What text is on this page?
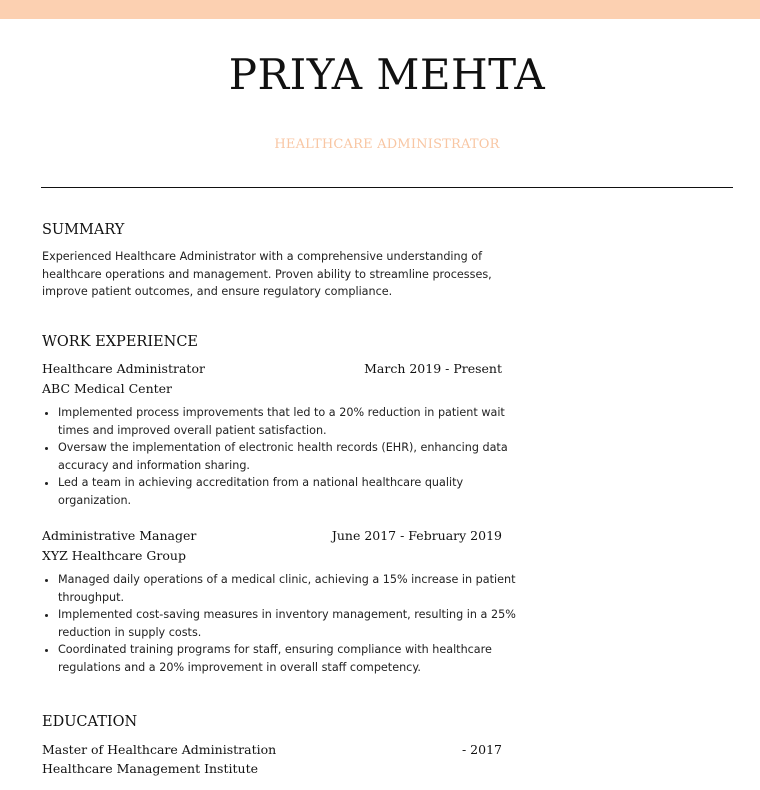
PRIYA MEHTA
HEALTHCARE ADMINISTRATOR
SUMMARY

Experienced Healthcare Administrator with a comprehensive understanding of healthcare operations and management. Proven ability to streamline processes, improve patient outcomes, and ensure regulatory compliance.

WORK EXPERIENCE
Healthcare Administrator	March 2019 - Present
ABC Medical Center
• Implemented process improvements that led to a 20% reduction in patient wait times and improved overall patient satisfaction.
• Oversaw the implementation of electronic health records (EHR), enhancing data accuracy and information sharing.
• Led a team in achieving accreditation from a national healthcare quality organization.
Administrative Manager	June 2017 - February 2019
XYZ Healthcare Group
• Managed daily operations of a medical clinic, achieving a 15% increase in patient throughput.
• Implemented cost-saving measures in inventory management, resulting in a 25% reduction in supply costs.
• Coordinated training programs for staff, ensuring compliance with healthcare regulations and a 20% improvement in overall staff competency.
EDUCATION
Master of Healthcare Administration	- 2017
Healthcare Management Institute
